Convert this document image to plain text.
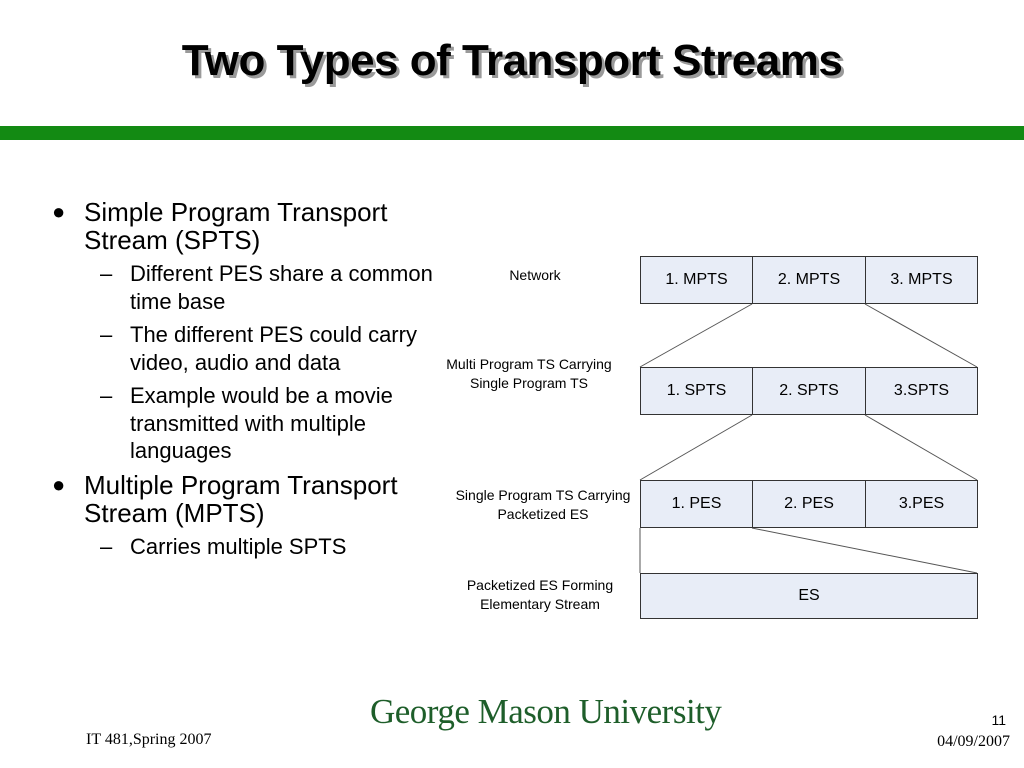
Two Types of Transport Streams
● Simple Program Transport Stream (SPTS)
– Different PES share a common time base
– The different PES could carry video, audio and data
– Example would be a movie transmitted with multiple languages
● Multiple Program Transport Stream (MPTS)
– Carries multiple SPTS
Network
Multi Program TS Carrying Single Program TS
Single Program TS Carrying Packetized ES
Packetized ES Forming Elementary Stream
1. MPTS	2. MPTS	3. MPTS
1. SPTS	2. SPTS	3.SPTS
1. PES	2. PES	3.PES
ES
George Mason University
IT 481,Spring 2007
11
04/09/2007
